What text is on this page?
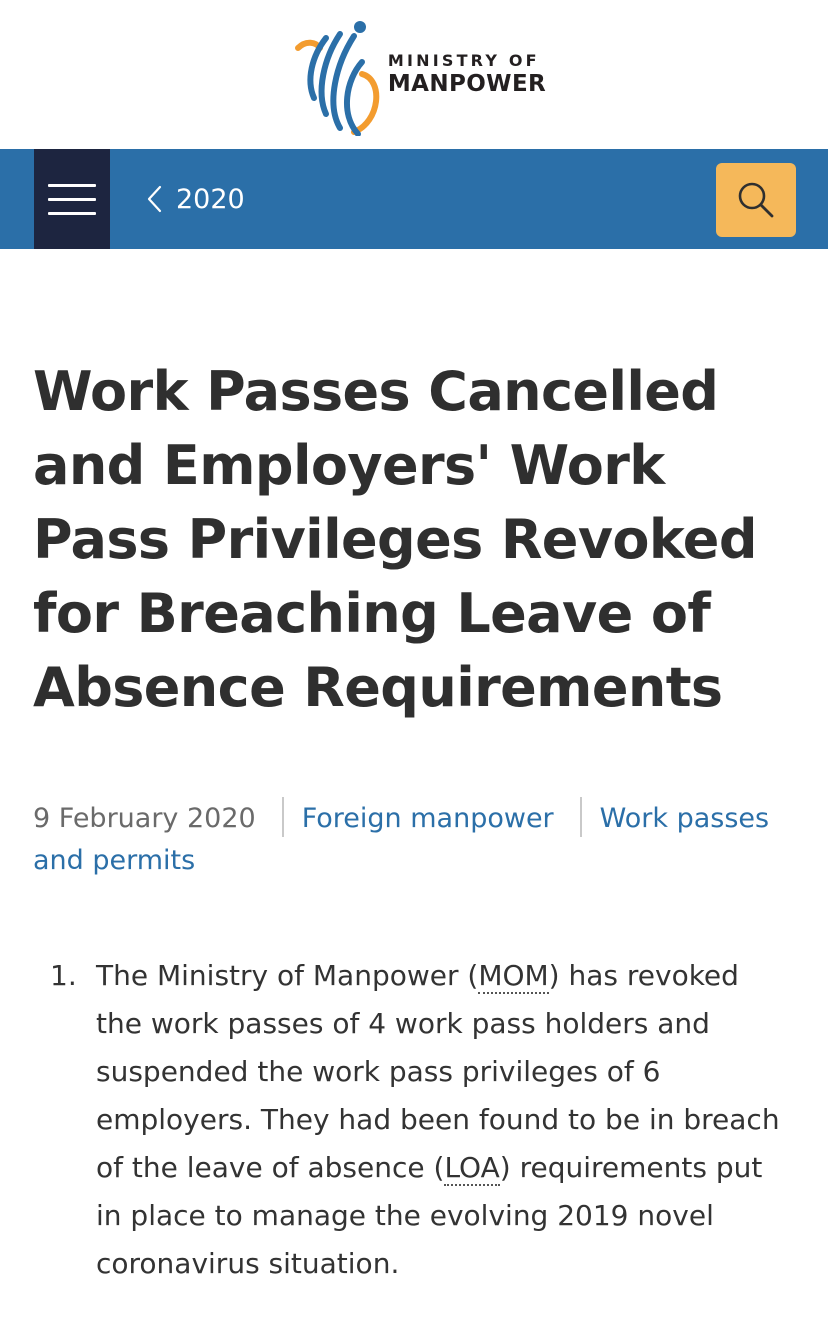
MINISTRY OF
MANPOWER
2020
Work Passes Cancelled and Employers' Work Pass Privileges Revoked for Breaching Leave of Absence Requirements
9 February 2020 Foreign manpower Work passes and permits
1. The Ministry of Manpower (MOM) has revoked the work passes of 4 work pass holders and suspended the work pass privileges of 6 employers. They had been found to be in breach of the leave of absence (LOA) requirements put in place to manage the evolving 2019 novel coronavirus situation.
